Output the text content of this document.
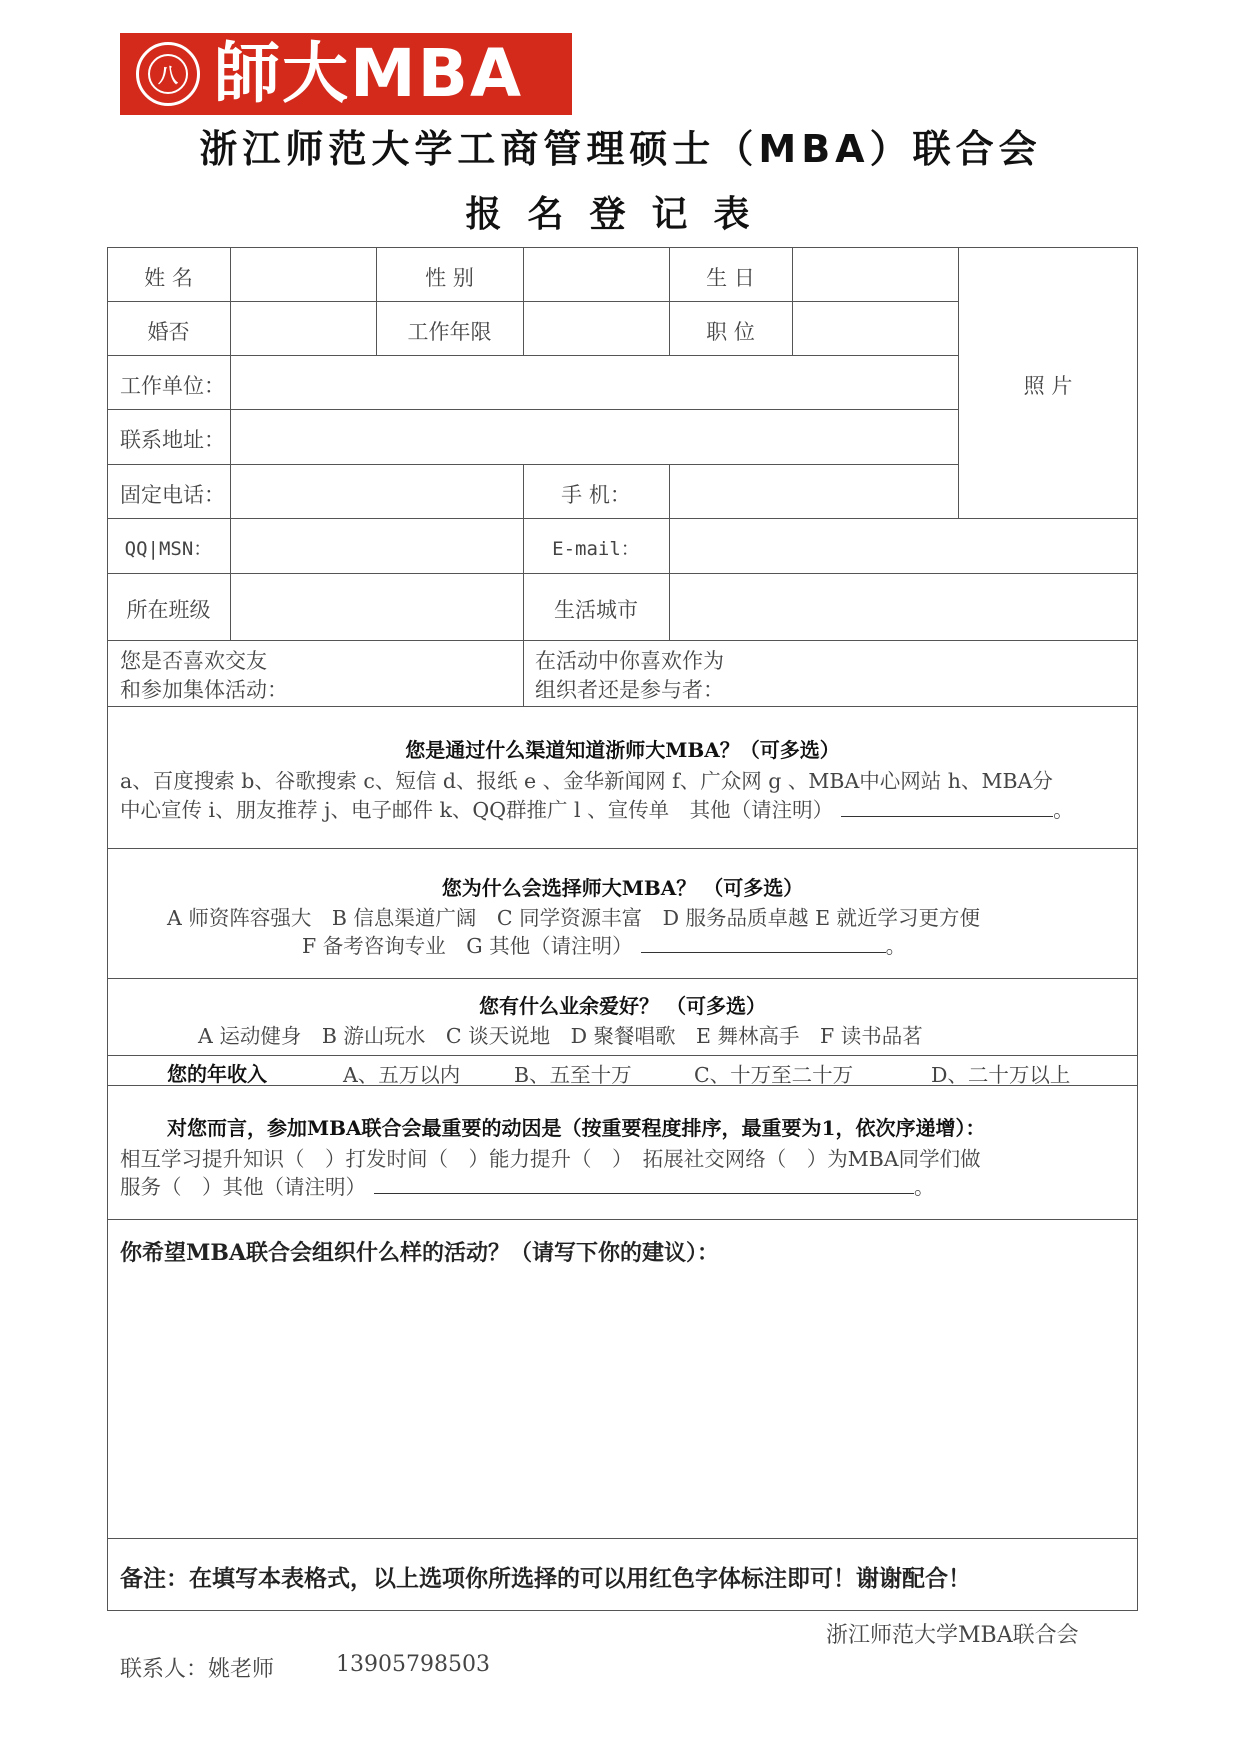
八 師大MBA
浙江师范大学工商管理硕士（MBA）联合会
报名登记表
姓 名	性 别	生 日
婚否	工作年限	职 位
照 片
工作单位：
联系地址：
固定电话：	手 机：
QQ|MSN：	E-mail：
所在班级	生活城市
您是否喜欢交友
和参加集体活动：
在活动中你喜欢作为
组织者还是参与者：
您是通过什么渠道知道浙师大MBA？（可多选）
a、百度搜索 b、谷歌搜索 c、短信 d、报纸 e 、金华新闻网 f、广众网 g 、MBA中心网站 h、MBA分
中心宣传 i、朋友推荐 j、电子邮件 k、QQ群推广 l 、宣传单　其他（请注明）	。
您为什么会选择师大MBA？ （可多选）
A 师资阵容强大　B 信息渠道广阔　C 同学资源丰富　D 服务品质卓越 E 就近学习更方便
F 备考咨询专业　G 其他（请注明）	。
您有什么业余爱好？ （可多选）
A 运动健身　B 游山玩水　C 谈天说地　D 聚餐唱歌　E 舞林高手　F 读书品茗
您的年收入	A、五万以内	B、五至十万	C、十万至二十万	D、二十万以上
对您而言，参加MBA联合会最重要的动因是（按重要程度排序，最重要为1，依次序递增）：
相互学习提升知识（　）打发时间（　）能力提升（　）　拓展社交网络（　）为MBA同学们做
服务（　）其他（请注明）	。
你希望MBA联合会组织什么样的活动？（请写下你的建议）：
备注：在填写本表格式，以上选项你所选择的可以用红色字体标注即可！谢谢配合！
浙江师范大学MBA联合会
联系人：姚老师	13905798503
